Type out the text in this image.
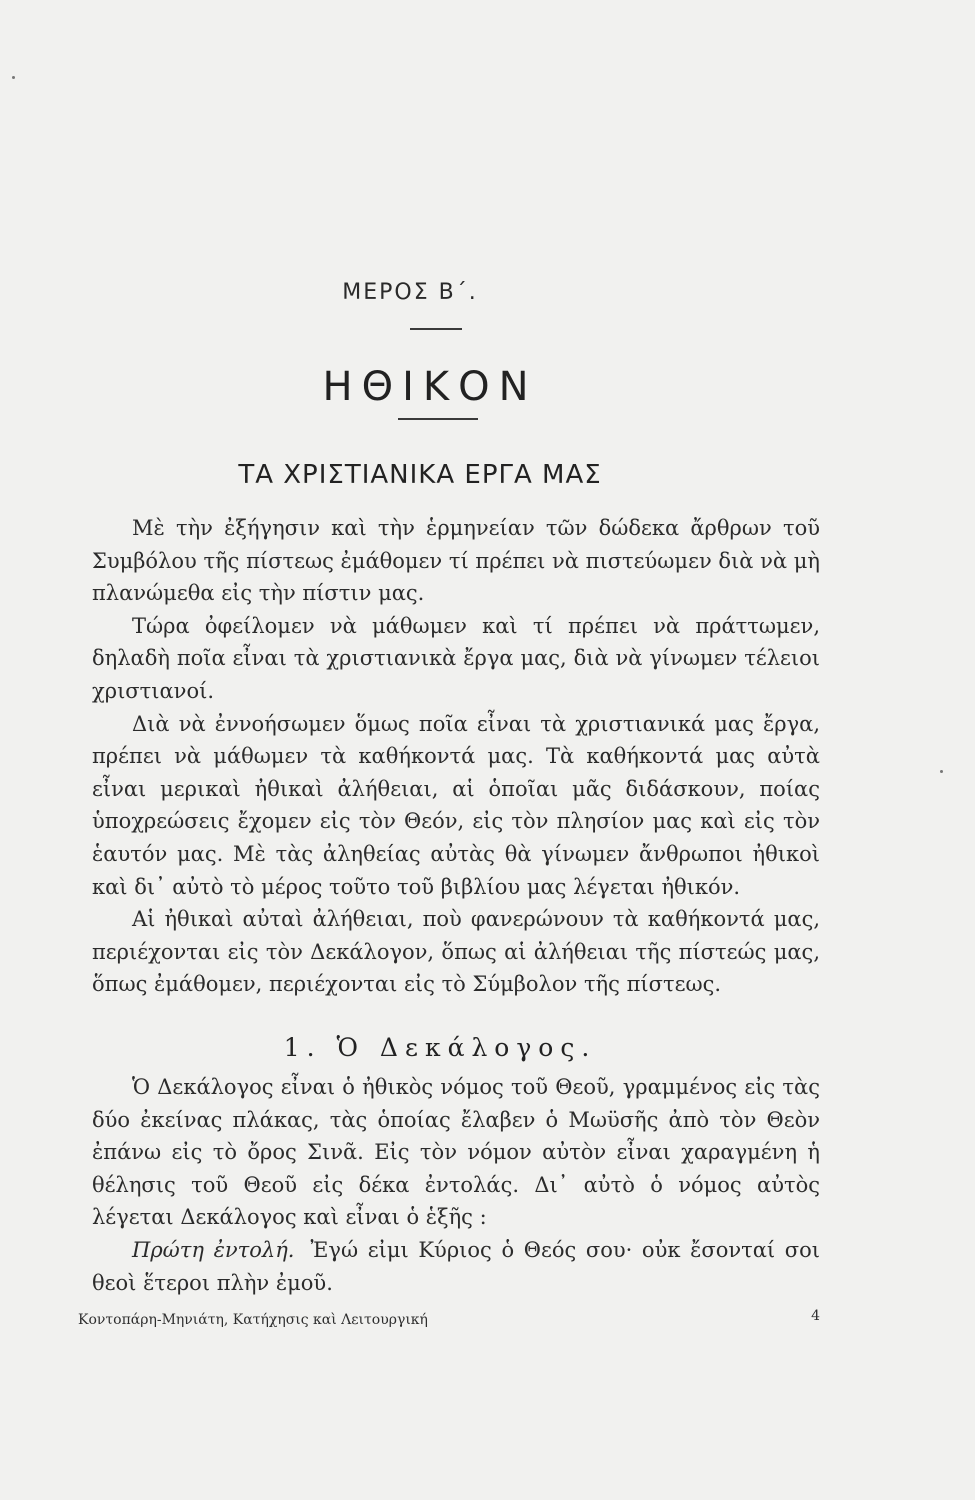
ΜΕΡΟΣ Β΄.
ΗΘΙΚΟΝ
ΤΑ ΧΡΙΣΤΙΑΝΙΚΑ ΕΡΓΑ ΜΑΣ

Μὲ τὴν ἐξήγησιν καὶ τὴν ἑρμηνείαν τῶν δώδεκα ἄρθρων τοῦ Συμβόλου τῆς πίστεως ἐμάθομεν τί πρέπει νὰ πιστεύωμεν διὰ νὰ μὴ πλανώμεθα εἰς τὴν πίστιν μας.

Τώρα ὀφείλομεν νὰ μάθωμεν καὶ τί πρέπει νὰ πράττωμεν, δηλαδὴ ποῖα εἶναι τὰ χριστιανικὰ ἔργα μας, διὰ νὰ γίνωμεν τέλειοι χριστιανοί.

Διὰ νὰ ἐννοήσωμεν ὅμως ποῖα εἶναι τὰ χριστιανικά μας ἔργα, πρέπει νὰ μάθωμεν τὰ καθήκοντά μας. Τὰ καθήκοντά μας αὐτὰ εἶναι μερικαὶ ἠθικαὶ ἀλήθειαι, αἱ ὁποῖαι μᾶς διδάσκουν, ποίας ὑποχρεώσεις ἔχομεν εἰς τὸν Θεόν, εἰς τὸν πλησίον μας καὶ εἰς τὸν ἑαυτόν μας. Μὲ τὰς ἀληθείας αὐτὰς θὰ γίνωμεν ἄνθρωποι ἠθικοὶ καὶ δι᾿ αὐτὸ τὸ μέρος τοῦτο τοῦ βιβλίου μας λέγεται ἠθικόν.

Αἱ ἠθικαὶ αὐταὶ ἀλήθειαι, ποὺ φανερώνουν τὰ καθήκοντά μας, περιέχονται εἰς τὸν Δεκάλογον, ὅπως αἱ ἀλήθειαι τῆς πίστεώς μας, ὅπως ἐμάθομεν, περιέχονται εἰς τὸ Σύμβολον τῆς πίστεως.

1. Ὁ Δεκάλογος.

Ὁ Δεκάλογος εἶναι ὁ ἠθικὸς νόμος τοῦ Θεοῦ, γραμμένος εἰς τὰς δύο ἐκείνας πλάκας, τὰς ὁποίας ἔλαβεν ὁ Μωϋσῆς ἀπὸ τὸν Θεὸν ἐπάνω εἰς τὸ ὄρος Σινᾶ. Εἰς τὸν νόμον αὐτὸν εἶναι χαραγμένη ἡ θέλησις τοῦ Θεοῦ εἰς δέκα ἐντολάς. Δι᾿ αὐτὸ ὁ νόμος αὐτὸς λέγεται Δεκάλογος καὶ εἶναι ὁ ἑξῆς :

Πρώτη ἐντολή. Ἐγώ εἰμι Κύριος ὁ Θεός σου· οὐκ ἔσονταί σοι θεοὶ ἕτεροι πλὴν ἐμοῦ.

Κοντοπάρη-Μηνιάτη, Κατήχησις καὶ Λειτουργική	4
